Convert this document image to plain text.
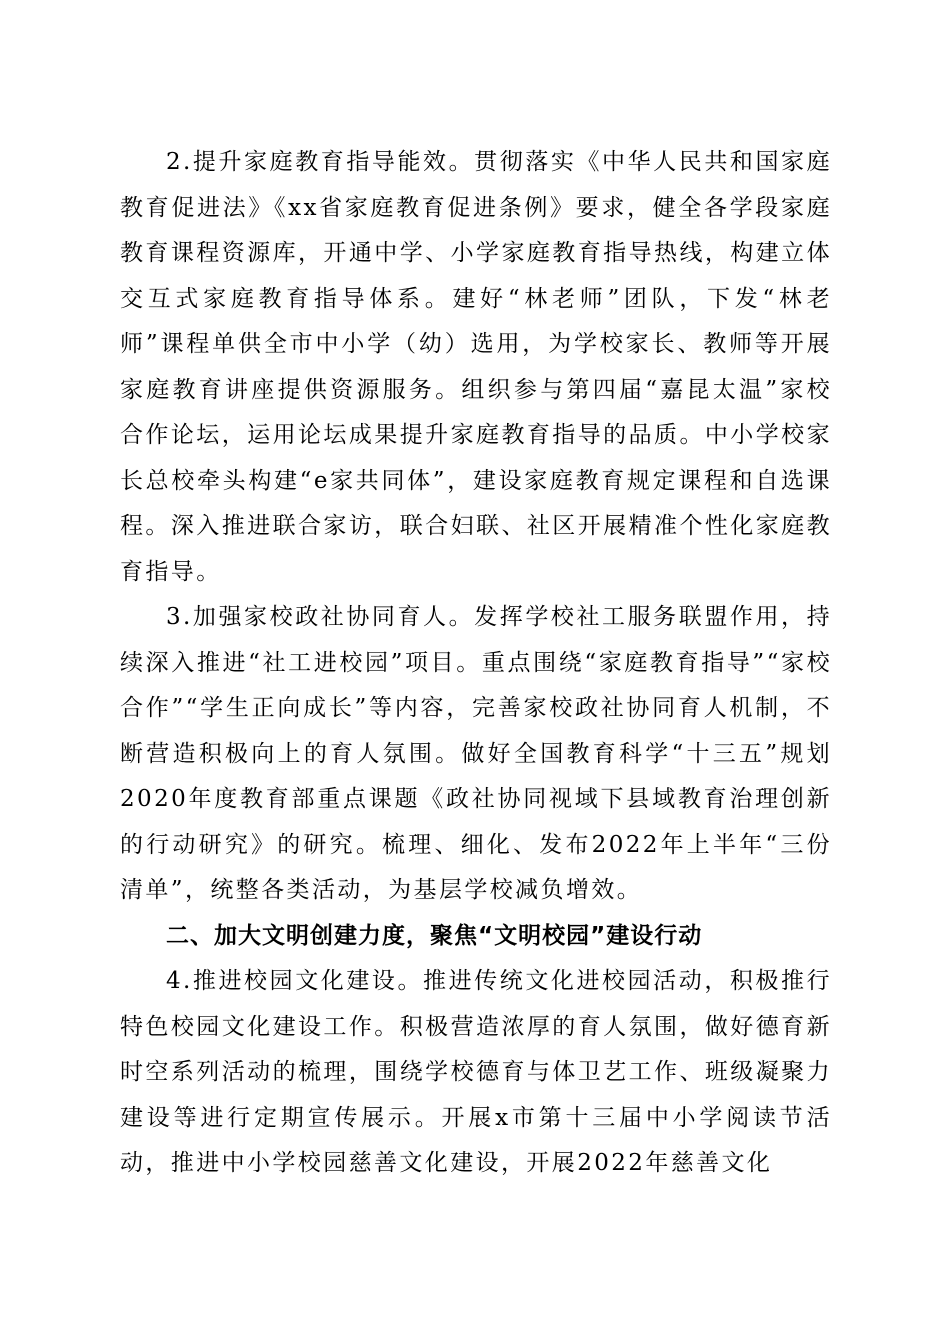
2.提升家庭教育指导能效。贯彻落实《中华人民共和国家庭教育促进法》《xx省家庭教育促进条例》要求，健全各学段家庭教育课程资源库，开通中学、小学家庭教育指导热线，构建立体交互式家庭教育指导体系。建好“林老师”团队，下发“林老师”课程单供全市中小学（幼）选用，为学校家长、教师等开展家庭教育讲座提供资源服务。组织参与第四届“嘉昆太温”家校合作论坛，运用论坛成果提升家庭教育指导的品质。中小学校家长总校牵头构建“e家共同体”，建设家庭教育规定课程和自选课程。深入推进联合家访，联合妇联、社区开展精准个性化家庭教育指导。

3.加强家校政社协同育人。发挥学校社工服务联盟作用，持续深入推进“社工进校园”项目。重点围绕“家庭教育指导”“家校合作”“学生正向成长”等内容，完善家校政社协同育人机制，不断营造积极向上的育人氛围。做好全国教育科学“十三五”规划2020年度教育部重点课题《政社协同视域下县域教育治理创新的行动研究》的研究。梳理、细化、发布2022年上半年“三份清单”，统整各类活动，为基层学校减负增效。

二、加大文明创建力度，聚焦“文明校园”建设行动

4.推进校园文化建设。推进传统文化进校园活动，积极推行特色校园文化建设工作。积极营造浓厚的育人氛围，做好德育新时空系列活动的梳理，围绕学校德育与体卫艺工作、班级凝聚力建设等进行定期宣传展示。开展x市第十三届中小学阅读节活动，推进中小学校园慈善文化建设，开展2022年慈善文化
